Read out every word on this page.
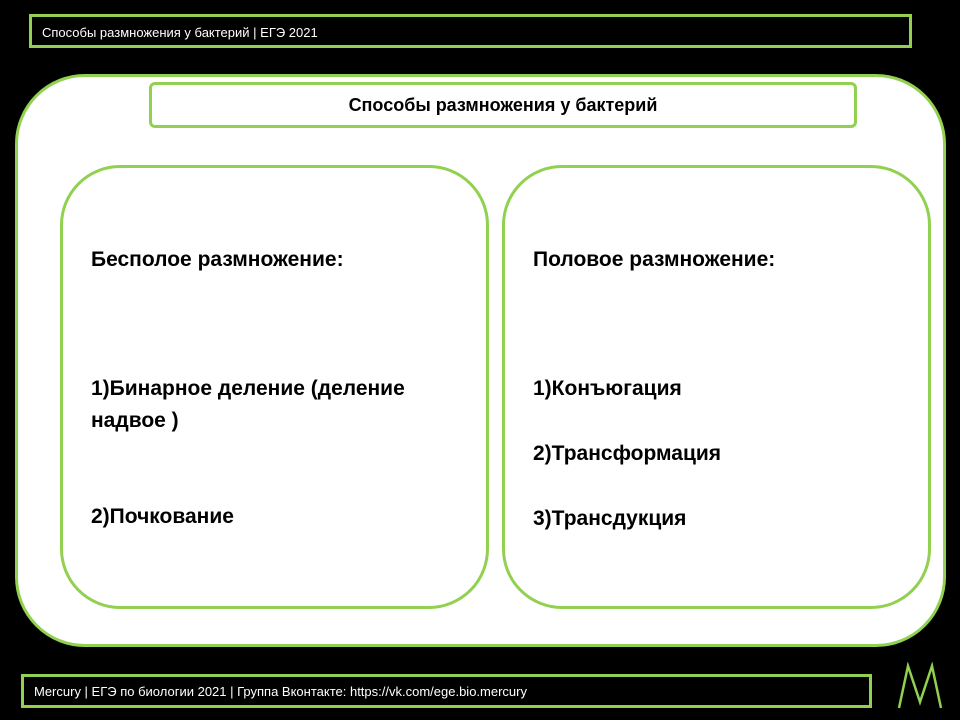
Способы размножения у бактерий | ЕГЭ 2021
Способы размножения у бактерий
Бесполое размножение:
1)Бинарное деление (деление надвое )
2)Почкование
Половое размножение:
1)Конъюгация
2)Трансформация
3)Трансдукция
Mercury | ЕГЭ по биологии 2021 | Группа Вконтакте: https://vk.com/ege.bio.mercury
